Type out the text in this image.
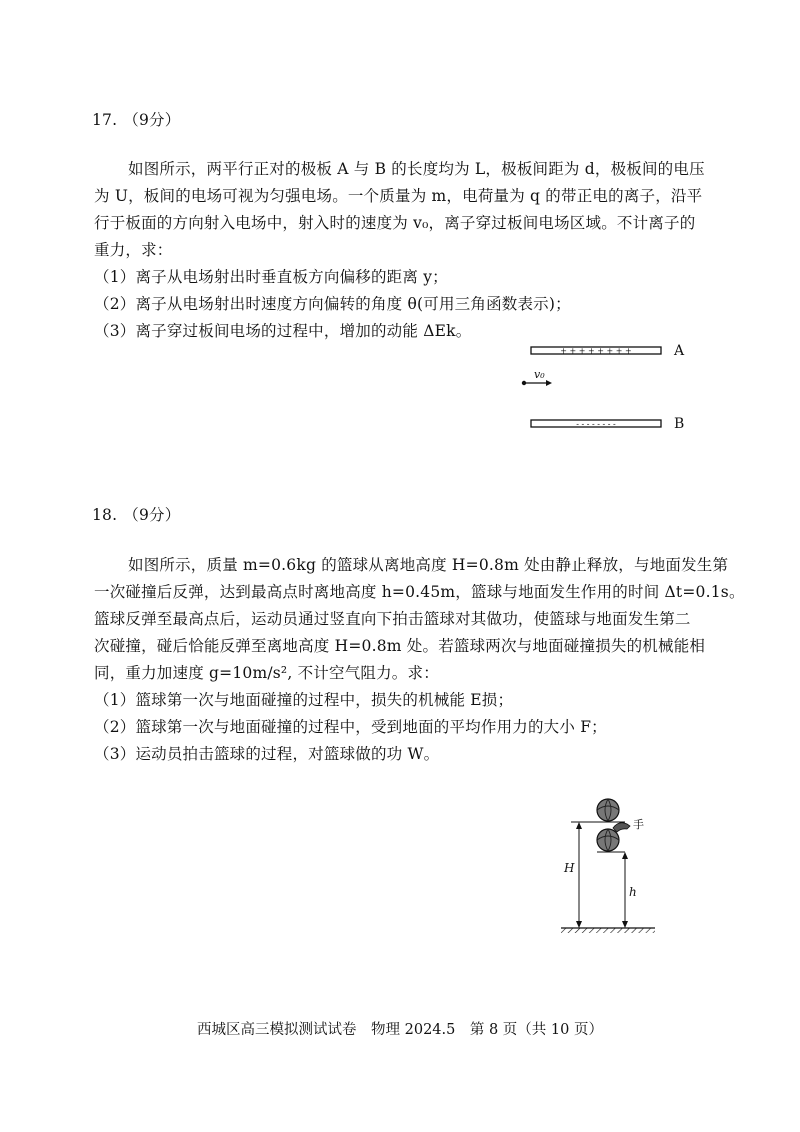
17. （9分）
如图所示，两平行正对的极板 A 与 B 的长度均为 L，极板间距为 d，极板间的电压
为 U，板间的电场可视为匀强电场。一个质量为 m，电荷量为 q 的带正电的离子，沿平
行于板面的方向射入电场中，射入时的速度为 v₀，离子穿过板间电场区域。不计离子的
重力，求：
（1）离子从电场射出时垂直板方向偏移的距离 y；
（2）离子从电场射出时速度方向偏转的角度 θ(可用三角函数表示)；
（3）离子穿过板间电场的过程中，增加的动能 ΔEk。
+ + + + + + + +	A
v₀
- - - - - - - -	B
18. （9分）
如图所示，质量 m=0.6kg 的篮球从离地高度 H=0.8m 处由静止释放，与地面发生第
一次碰撞后反弹，达到最高点时离地高度 h=0.45m，篮球与地面发生作用的时间 Δt=0.1s。
篮球反弹至最高点后，运动员通过竖直向下拍击篮球对其做功，使篮球与地面发生第二
次碰撞，碰后恰能反弹至离地高度 H=0.8m 处。若篮球两次与地面碰撞损失的机械能相
同，重力加速度 g=10m/s², 不计空气阻力。求：
（1）篮球第一次与地面碰撞的过程中，损失的机械能 E损；
（2）篮球第一次与地面碰撞的过程中，受到地面的平均作用力的大小 F；
（3）运动员拍击篮球的过程，对篮球做的功 W。
手
H
h
西城区高三模拟测试试卷　物理 2024.5　第 8 页（共 10 页）
